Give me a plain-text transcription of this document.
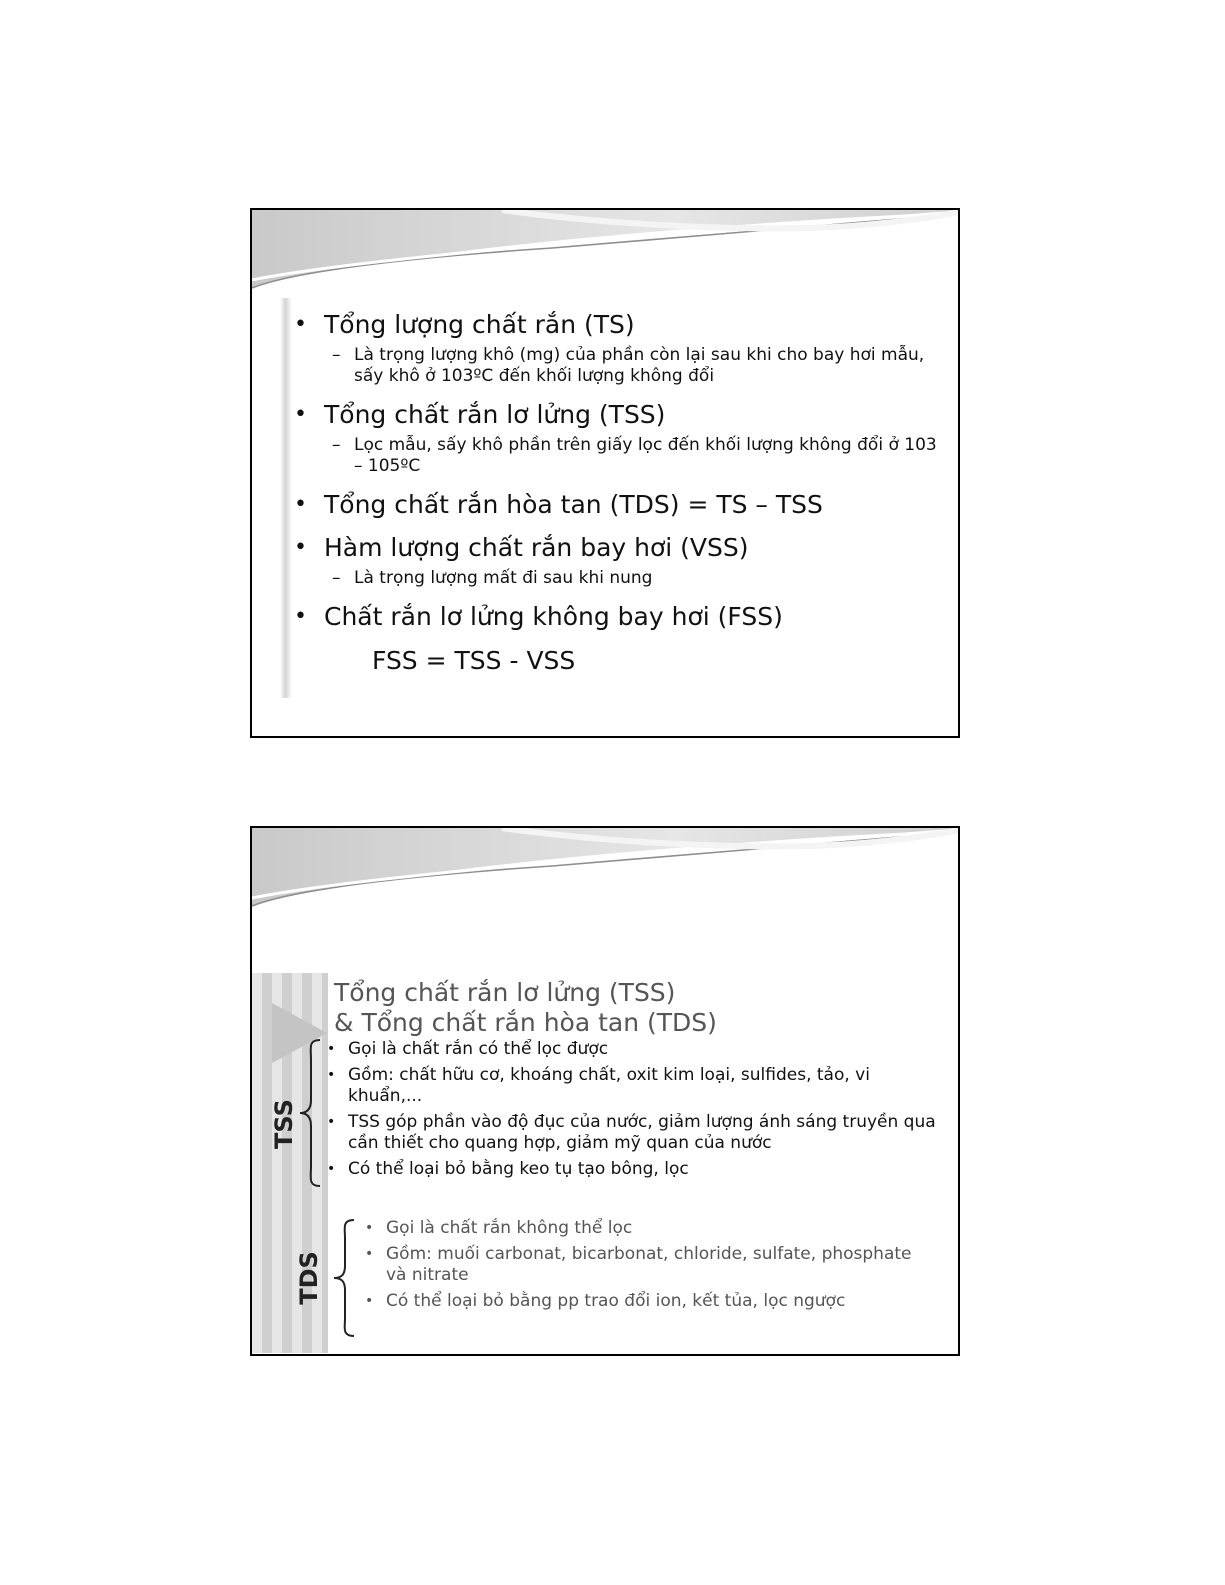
• Tổng lượng chất rắn (TS)
– Là trọng lượng khô (mg) của phần còn lại sau khi cho bay hơi mẫu, sấy khô ở 103ºC đến khối lượng không đổi
• Tổng chất rắn lơ lửng (TSS)
– Lọc mẫu, sấy khô phần trên giấy lọc đến khối lượng không đổi ở 103 – 105ºC
• Tổng chất rắn hòa tan (TDS) = TS – TSS
• Hàm lượng chất rắn bay hơi (VSS)
– Là trọng lượng mất đi sau khi nung
• Chất rắn lơ lửng không bay hơi (FSS)
FSS = TSS - VSS
Tổng chất rắn lơ lửng (TSS)
& Tổng chất rắn hòa tan (TDS)
TSS
• Gọi là chất rắn có thể lọc được
• Gồm: chất hữu cơ, khoáng chất, oxit kim loại, sulfides, tảo, vi khuẩn,...
• TSS góp phần vào độ đục của nước, giảm lượng ánh sáng truyền qua cần thiết cho quang hợp, giảm mỹ quan của nước
• Có thể loại bỏ bằng keo tụ tạo bông, lọc
TDS
• Gọi là chất rắn không thể lọc
• Gồm: muối carbonat, bicarbonat, chloride, sulfate, phosphate và nitrate
• Có thể loại bỏ bằng pp trao đổi ion, kết tủa, lọc ngược
